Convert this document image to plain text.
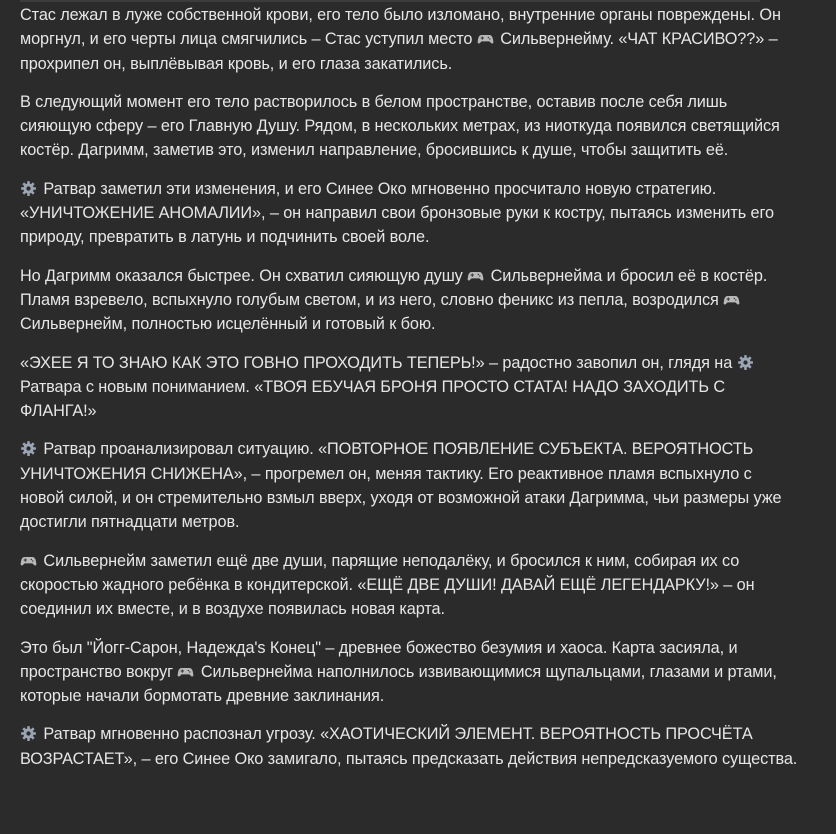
Стас лежал в луже собственной крови, его тело было изломано, внутренние органы повреждены. Он моргнул, и его черты лица смягчились – Стас уступил место
Сильвернейму. «ЧАТ КРАСИВО??» – прохрипел он, выплёвывая кровь, и его глаза закатились.

В следующий момент его тело растворилось в белом пространстве, оставив после себя лишь сияющую сферу – его Главную Душу. Рядом, в нескольких метрах, из ниоткуда появился светящийся костёр. Дагримм, заметив это, изменил направление, бросившись к душе, чтобы защитить её.

Ратвар заметил эти изменения, и его Синее Око мгновенно просчитало новую стратегию. «УНИЧТОЖЕНИЕ АНОМАЛИИ», – он направил свои бронзовые руки к костру, пытаясь изменить его природу, превратить в латунь и подчинить своей воле.

Но Дагримм оказался быстрее. Он схватил сияющую душу
Сильвернейма и бросил её в костёр. Пламя взревело, вспыхнуло голубым светом, и из него, словно феникс из пепла, возродился
Сильвернейм, полностью исцелённый и готовый к бою.

«ЭХЕЕ Я ТО ЗНАЮ КАК ЭТО ГОВНО ПРОХОДИТЬ ТЕПЕРЬ!» – радостно завопил он, глядя на
Ратвара с новым пониманием. «ТВОЯ ЕБУЧАЯ БРОНЯ ПРОСТО СТАТА! НАДО ЗАХОДИТЬ С ФЛАНГА!»

Ратвар проанализировал ситуацию. «ПОВТОРНОЕ ПОЯВЛЕНИЕ СУБЪЕКТА. ВЕРОЯТНОСТЬ УНИЧТОЖЕНИЯ СНИЖЕНА», – прогремел он, меняя тактику. Его реактивное пламя вспыхнуло с новой силой, и он стремительно взмыл вверх, уходя от возможной атаки Дагримма, чьи размеры уже достигли пятнадцати метров.

Сильвернейм заметил ещё две души, парящие неподалёку, и бросился к ним, собирая их со скоростью жадного ребёнка в кондитерской. «ЕЩЁ ДВЕ ДУШИ! ДАВАЙ ЕЩЁ ЛЕГЕНДАРКУ!» – он соединил их вместе, и в воздухе появилась новая карта.

Это был "Йогг-Сарон, Надежда's Конец" – древнее божество безумия и хаоса. Карта засияла, и пространство вокруг
Сильвернейма наполнилось извивающимися щупальцами, глазами и ртами, которые начали бормотать древние заклинания.

Ратвар мгновенно распознал угрозу. «ХАОТИЧЕСКИЙ ЭЛЕМЕНТ. ВЕРОЯТНОСТЬ ПРОСЧЁТА ВОЗРАСТАЕТ», – его Синее Око замигало, пытаясь предсказать действия непредсказуемого существа.
